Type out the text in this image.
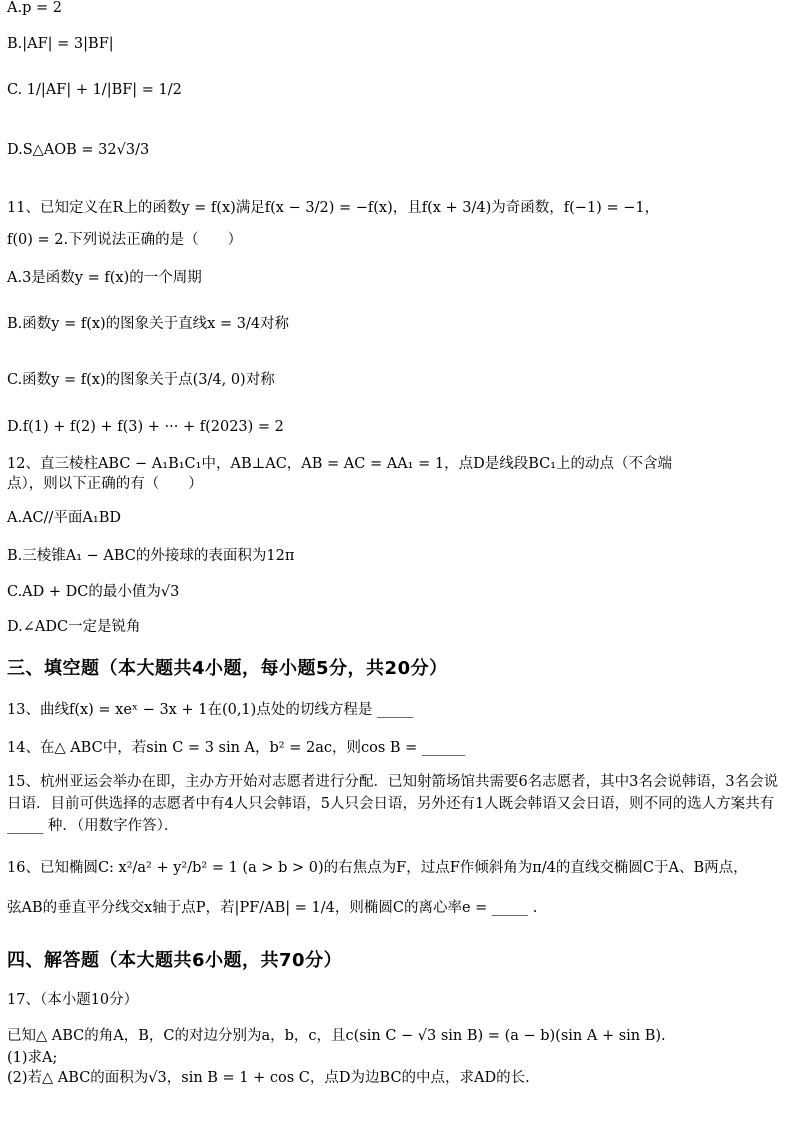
A.p = 2
B.|AF| = 3|BF|
C. 1/|AF| + 1/|BF| = 1/2
D.S△AOB = 32√3/3
11、已知定义在R上的函数y = f(x)满足f(x − 3/2) = −f(x)，且f(x + 3/4)为奇函数，f(−1) = −1，
f(0) = 2.下列说法正确的是（　　）
A.3是函数y = f(x)的一个周期
B.函数y = f(x)的图象关于直线x = 3/4对称
C.函数y = f(x)的图象关于点(3/4, 0)对称
D.f(1) + f(2) + f(3) + ··· + f(2023) = 2
12、直三棱柱ABC − A₁B₁C₁中，AB⊥AC，AB = AC = AA₁ = 1，点D是线段BC₁上的动点（不含端
点），则以下正确的有（　　）
A.AC//平面A₁BD
B.三棱锥A₁ − ABC的外接球的表面积为12π
C.AD + DC的最小值为√3
D.∠ADC一定是锐角
三、填空题（本大题共4小题，每小题5分，共20分）
13、曲线f(x) = xeˣ − 3x + 1在(0,1)点处的切线方程是 _____
14、在△ ABC中，若sin C = 3 sin A，b² = 2ac，则cos B = ______
15、杭州亚运会举办在即，主办方开始对志愿者进行分配．已知射箭场馆共需要6名志愿者，其中3名会说韩语，3名会说日语．目前可供选择的志愿者中有4人只会韩语，5人只会日语，另外还有1人既会韩语又会日语，则不同的选人方案共有 _____ 种．（用数字作答）．
16、已知椭圆C: x²/a² + y²/b² = 1 (a > b > 0)的右焦点为F，过点F作倾斜角为π/4的直线交椭圆C于A、B两点，
弦AB的垂直平分线交x轴于点P，若|PF/AB| = 1/4，则椭圆C的离心率e = _____ .
四、解答题（本大题共6小题，共70分）
17、（本小题10分）
已知△ ABC的角A，B，C的对边分别为a，b，c，且c(sin C − √3 sin B) = (a − b)(sin A + sin B).
(1)求A;
(2)若△ ABC的面积为√3，sin B = 1 + cos C，点D为边BC的中点，求AD的长.
